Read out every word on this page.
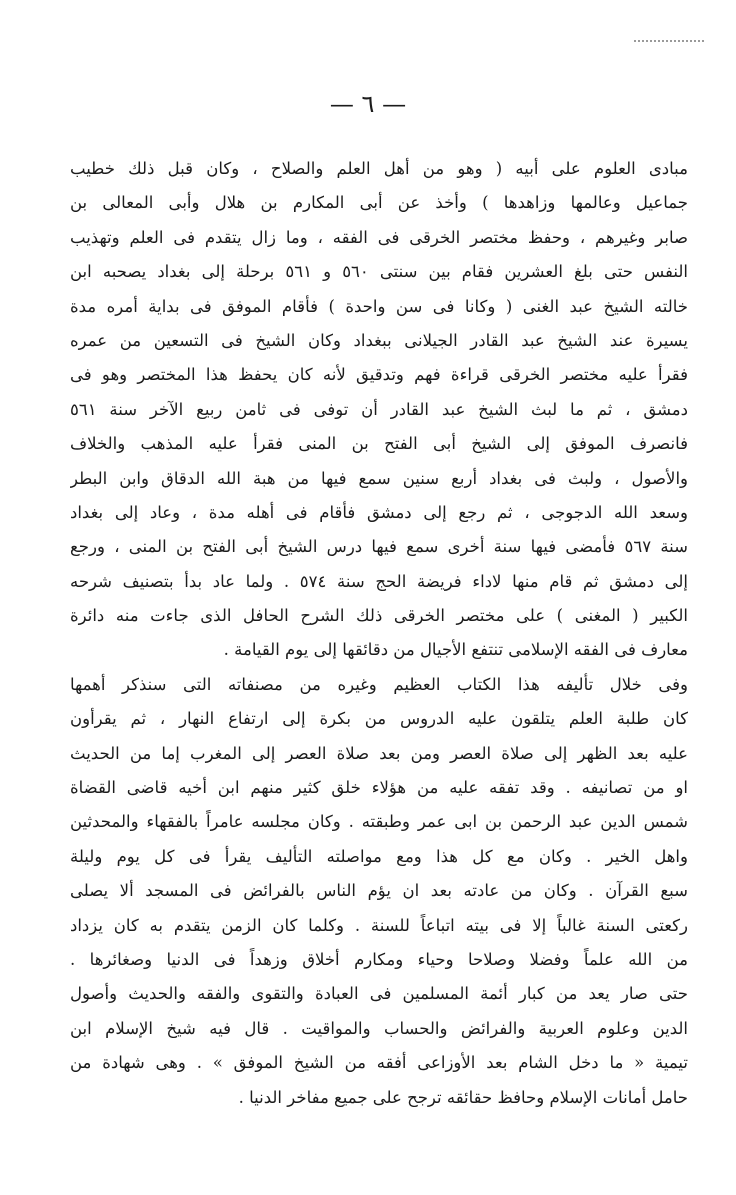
— ٦ —
مبادى العلوم على أبيه ( وهو من أهل العلم والصلاح ، وكان قبل ذلك خطيب
جماعيل وعالمها وزاهدها ) وأخذ عن أبى المكارم بن هلال وأبى المعالى بن
صابر وغيرهم ، وحفظ مختصر الخرقى فى الفقه ، وما زال يتقدم فى العلم وتهذيب
النفس حتى بلغ العشرين فقام بين سنتى ٥٦٠ و ٥٦١ برحلة إلى بغداد يصحبه ابن
خالته الشيخ عبد الغنى ( وكانا فى سن واحدة ) فأقام الموفق فى بداية أمره مدة
يسيرة عند الشيخ عبد القادر الجيلانى ببغداد وكان الشيخ فى التسعين من عمره
فقرأ عليه مختصر الخرقى قراءة فهم وتدقيق لأنه كان يحفظ هذا المختصر وهو فى
دمشق ، ثم ما لبث الشيخ عبد القادر أن توفى فى ثامن ربيع الآخر سنة ٥٦١
فانصرف الموفق إلى الشيخ أبى الفتح بن المنى فقرأ عليه المذهب والخلاف
والأصول ، ولبث فى بغداد أربع سنين سمع فيها من هبة الله الدقاق وابن البطر
وسعد الله الدجوجى ، ثم رجع إلى دمشق فأقام فى أهله مدة ، وعاد إلى بغداد
سنة ٥٦٧ فأمضى فيها سنة أخرى سمع فيها درس الشيخ أبى الفتح بن المنى ، ورجع
إلى دمشق ثم قام منها لاداء فريضة الحج سنة ٥٧٤ . ولما عاد بدأ بتصنيف شرحه
الكبير ( المغنى ) على مختصر الخرقى ذلك الشرح الحافل الذى جاءت منه دائرة
معارف فى الفقه الإسلامى تنتفع الأجيال من دقائقها إلى يوم القيامة .
وفى خلال تأليفه هذا الكتاب العظيم وغيره من مصنفاته التى سنذكر أهمها
كان طلبة العلم يتلقون عليه الدروس من بكرة إلى ارتفاع النهار ، ثم يقرأون
عليه بعد الظهر إلى صلاة العصر ومن بعد صلاة العصر إلى المغرب إما من الحديث
او من تصانيفه . وقد تفقه عليه من هؤلاء خلق كثير منهم ابن أخيه قاضى القضاة
شمس الدين عبد الرحمن بن ابى عمر وطبقته . وكان مجلسه عامراً بالفقهاء والمحدثين
واهل الخير . وكان مع كل هذا ومع مواصلته التأليف يقرأ فى كل يوم وليلة
سبع القرآن . وكان من عادته بعد ان يؤم الناس بالفرائض فى المسجد ألا يصلى
ركعتى السنة غالباً إلا فى بيته اتباعاً للسنة . وكلما كان الزمن يتقدم به كان يزداد
من الله علماً وفضلا وصلاحا وحياء ومكارم أخلاق وزهداً فى الدنيا وصغائرها .
حتى صار يعد من كبار أئمة المسلمين فى العبادة والتقوى والفقه والحديث وأصول
الدين وعلوم العربية والفرائض والحساب والمواقيت . قال فيه شيخ الإسلام ابن
تيمية « ما دخل الشام بعد الأوزاعى أفقه من الشيخ الموفق » . وهى شهادة من
حامل أمانات الإسلام وحافظ حقائقه ترجح على جميع مفاخر الدنيا .
